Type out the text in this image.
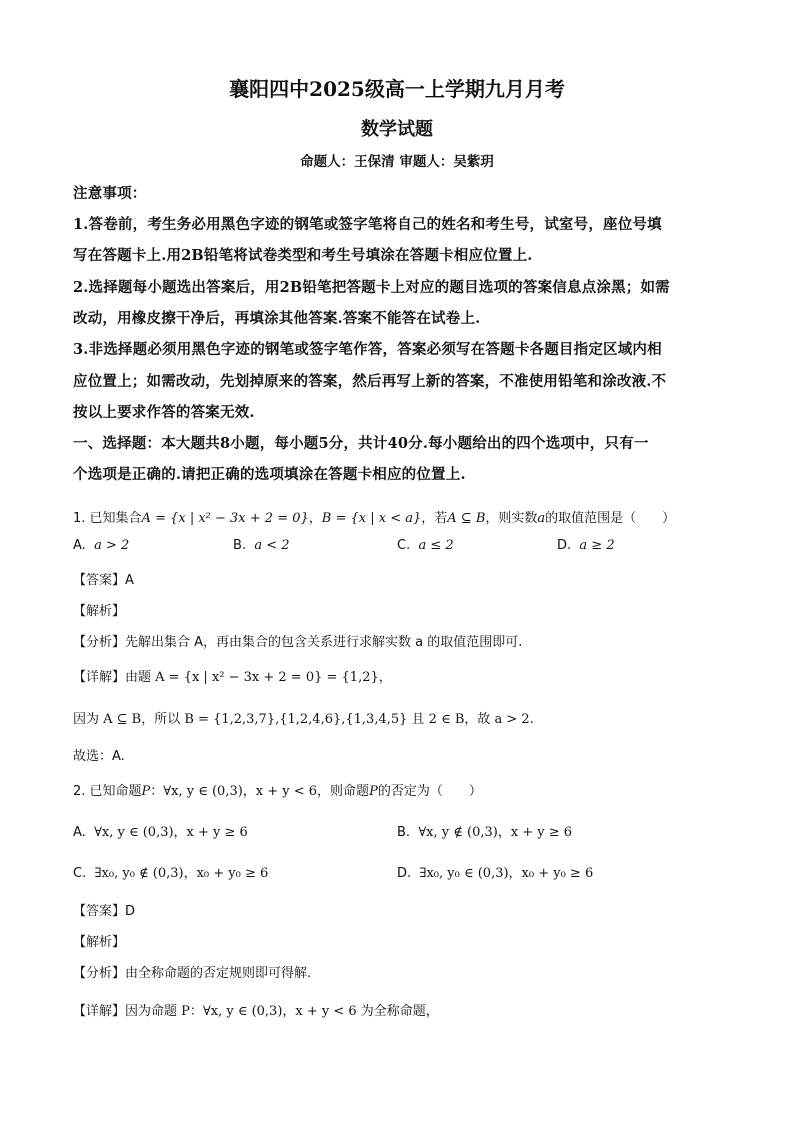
襄阳四中2025级高一上学期九月月考
数学试题
命题人：王保清 审题人：吴紫玥
注意事项：
1.答卷前，考生务必用黑色字迹的钢笔或签字笔将自己的姓名和考生号，试室号，座位号填
写在答题卡上.用2B铅笔将试卷类型和考生号填涂在答题卡相应位置上.
2.选择题每小题选出答案后，用2B铅笔把答题卡上对应的题目选项的答案信息点涂黑；如需
改动，用橡皮擦干净后，再填涂其他答案.答案不能答在试卷上.
3.非选择题必须用黑色字迹的钢笔或签字笔作答，答案必须写在答题卡各题目指定区域内相
应位置上；如需改动，先划掉原来的答案，然后再写上新的答案，不准使用铅笔和涂改液.不
按以上要求作答的答案无效.
一、选择题：本大题共8小题，每小题5分，共计40分.每小题给出的四个选项中，只有一
个选项是正确的.请把正确的选项填涂在答题卡相应的位置上.
1. 已知集合A = {x | x² − 3x + 2 = 0}，B = {x | x < a}，若A ⊆ B，则实数a的取值范围是（　　）
A. a > 2	B. a < 2	C. a ≤ 2	D. a ≥ 2
【答案】A
【解析】
【分析】先解出集合 A，再由集合的包含关系进行求解实数 a 的取值范围即可.
【详解】由题 A = {x | x² − 3x + 2 = 0} = {1,2}，
因为 A ⊆ B，所以 B = {1,2,3,7},{1,2,4,6},{1,3,4,5} 且 2 ∈ B，故 a > 2.
故选：A.
2. 已知命题P：∀x, y ∈ (0,3)，x + y < 6，则命题P的否定为（　　）
A. ∀x, y ∈ (0,3)，x + y ≥ 6	B. ∀x, y ∉ (0,3)，x + y ≥ 6
C. ∃x₀, y₀ ∉ (0,3)，x₀ + y₀ ≥ 6	D. ∃x₀, y₀ ∈ (0,3)，x₀ + y₀ ≥ 6
【答案】D
【解析】
【分析】由全称命题的否定规则即可得解.
【详解】因为命题 P：∀x, y ∈ (0,3)，x + y < 6 为全称命题，
